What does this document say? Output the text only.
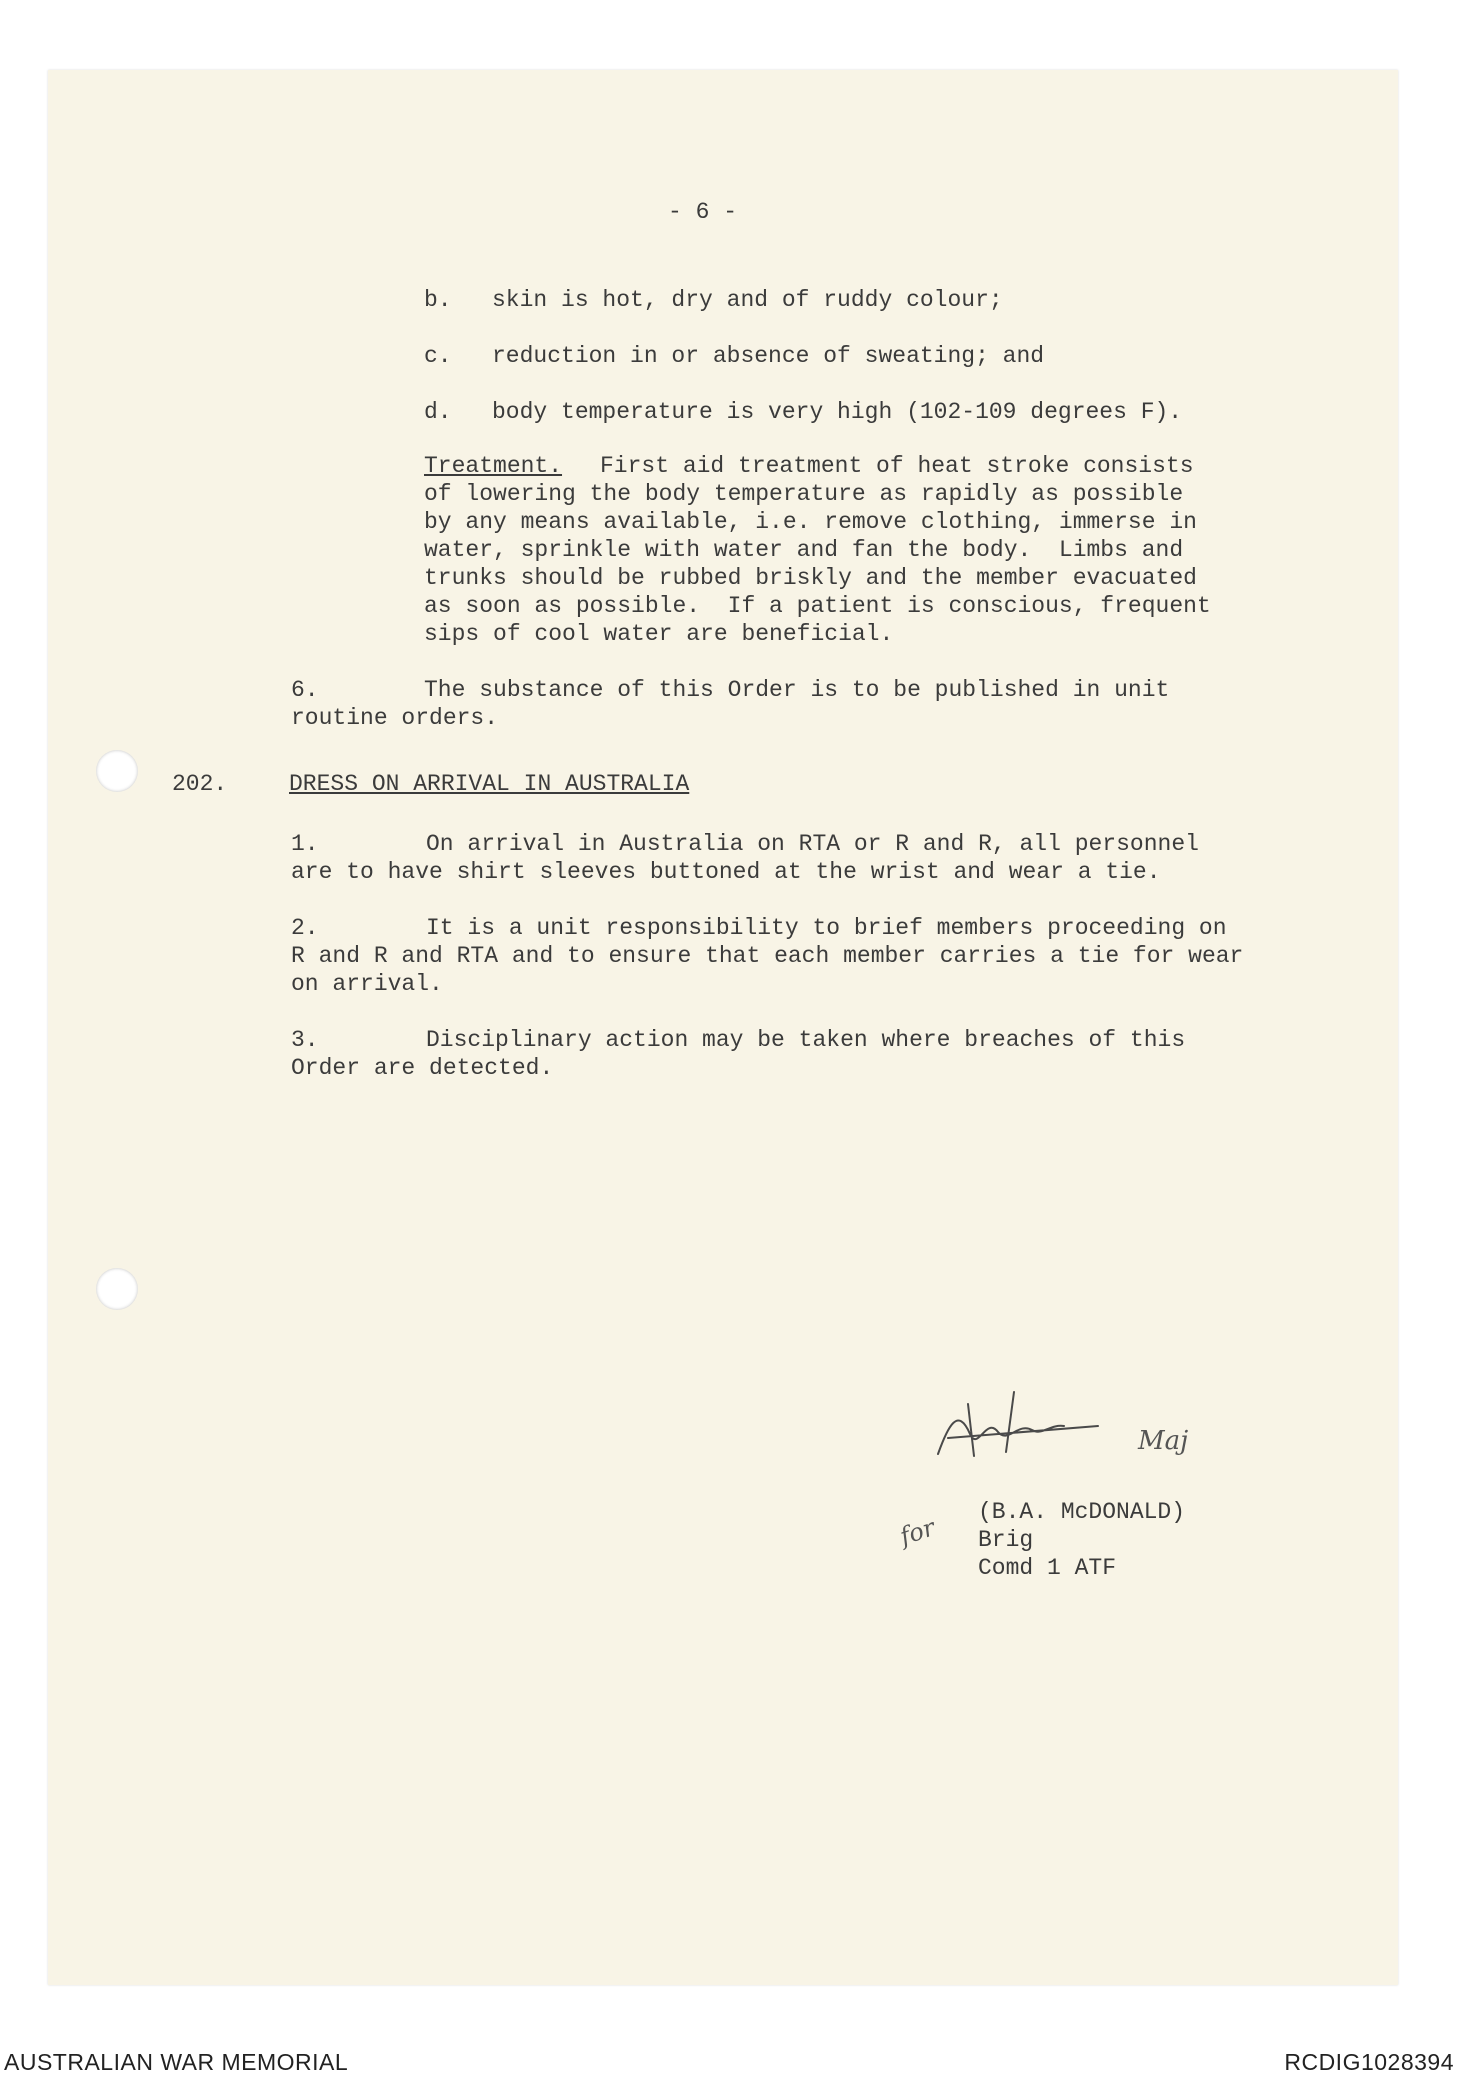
- 6 -
b. skin is hot, dry and of ruddy colour;
c. reduction in or absence of sweating; and
d. body temperature is very high (102-109 degrees F).
Treatment. First aid treatment of heat stroke consists
of lowering the body temperature as rapidly as possible
by any means available, i.e. remove clothing, immerse in
water, sprinkle with water and fan the body.  Limbs and
trunks should be rubbed briskly and the member evacuated
as soon as possible.  If a patient is conscious, frequent
sips of cool water are beneficial.
6.	The substance of this Order is to be published in unit
routine orders.
202.	DRESS ON ARRIVAL IN AUSTRALIA
1.	On arrival in Australia on RTA or R and R, all personnel
are to have shirt sleeves buttoned at the wrist and wear a tie.
2.	It is a unit responsibility to brief members proceeding on
R and R and RTA and to ensure that each member carries a tie for wear
on arrival.
3.	Disciplinary action may be taken where breaches of this
Order are detected.
Maj
for
(B.A. McDONALD)
Brig
Comd 1 ATF
AUSTRALIAN WAR MEMORIAL	RCDIG1028394
